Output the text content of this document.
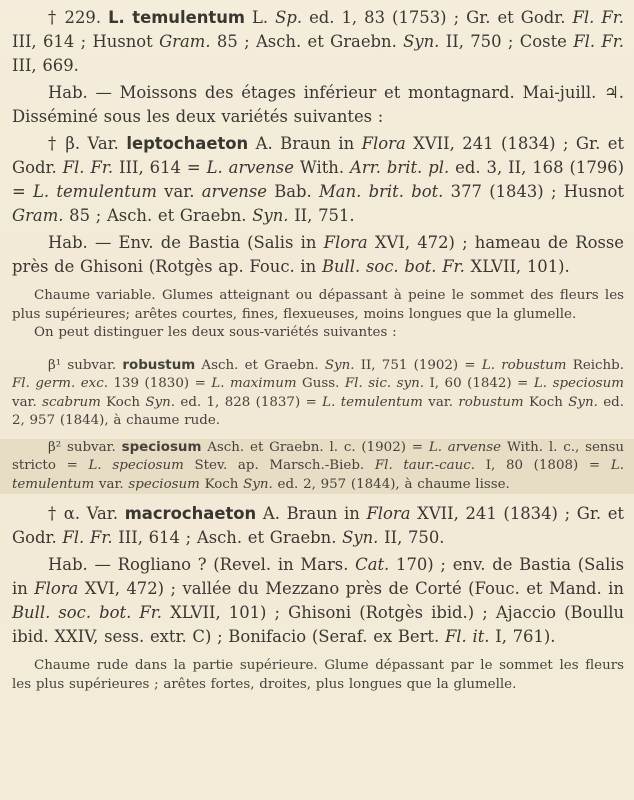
† 229. L. temulentum L. Sp. ed. 1, 83 (1753) ; Gr. et Godr. Fl. Fr. III, 614 ; Husnot Gram. 85 ; Asch. et Graebn. Syn. II, 750 ; Coste Fl. Fr. III, 669.

Hab. — Moissons des étages inférieur et montagnard. Mai-juill. ♃. Disséminé sous les deux variétés suivantes :

† β. Var. leptochaeton A. Braun in Flora XVII, 241 (1834) ; Gr. et Godr. Fl. Fr. III, 614 = L. arvense With. Arr. brit. pl. ed. 3, II, 168 (1796) = L. temulentum var. arvense Bab. Man. brit. bot. 377 (1843) ; Husnot Gram. 85 ; Asch. et Graebn. Syn. II, 751.

Hab. — Env. de Bastia (Salis in Flora XVI, 472) ; hameau de Rosse près de Ghisoni (Rotgès ap. Fouc. in Bull. soc. bot. Fr. XLVII, 101).

Chaume variable. Glumes atteignant ou dépassant à peine le sommet des fleurs les plus supérieures; arêtes courtes, fines, flexueuses, moins longues que la glumelle.

On peut distinguer les deux sous-variétés suivantes :

β¹ subvar. robustum Asch. et Graebn. Syn. II, 751 (1902) = L. robustum Reichb. Fl. germ. exc. 139 (1830) = L. maximum Guss. Fl. sic. syn. I, 60 (1842) = L. speciosum var. scabrum Koch Syn. ed. 1, 828 (1837) = L. temulentum var. robustum Koch Syn. ed. 2, 957 (1844), à chaume rude.

β² subvar. speciosum Asch. et Graebn. l. c. (1902) = L. arvense With. l. c., sensu stricto = L. speciosum Stev. ap. Marsch.-Bieb. Fl. taur.-cauc. I, 80 (1808) = L. temulentum var. speciosum Koch Syn. ed. 2, 957 (1844), à chaume lisse.

† α. Var. macrochaeton A. Braun in Flora XVII, 241 (1834) ; Gr. et Godr. Fl. Fr. III, 614 ; Asch. et Graebn. Syn. II, 750.

Hab. — Rogliano ? (Revel. in Mars. Cat. 170) ; env. de Bastia (Salis in Flora XVI, 472) ; vallée du Mezzano près de Corté (Fouc. et Mand. in Bull. soc. bot. Fr. XLVII, 101) ; Ghisoni (Rotgès ibid.) ; Ajaccio (Boullu ibid. XXIV, sess. extr. C) ; Bonifacio (Seraf. ex Bert. Fl. it. I, 761).

Chaume rude dans la partie supérieure. Glume dépassant par le sommet les fleurs les plus supérieures ; arêtes fortes, droites, plus longues que la glumelle.
